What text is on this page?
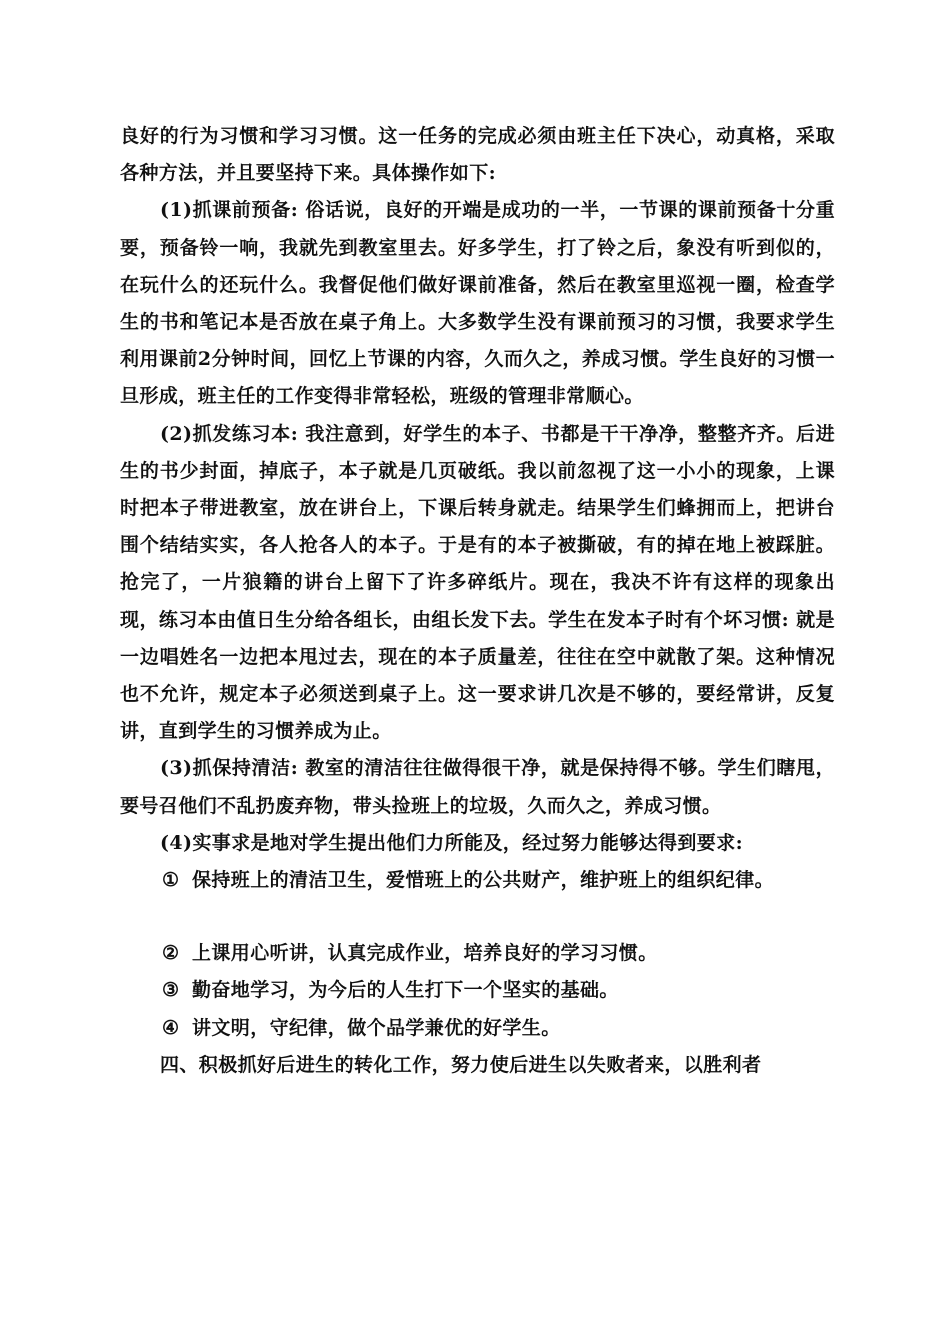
良好的行为习惯和学习习惯。这一任务的完成必须由班主任下决心，动真格，采取各种方法，并且要坚持下来。具体操作如下:

(1)抓课前预备: 俗话说，良好的开端是成功的一半，一节课的课前预备十分重要，预备铃一响，我就先到教室里去。好多学生，打了铃之后，象没有听到似的，在玩什么的还玩什么。我督促他们做好课前准备，然后在教室里巡视一圈，检查学生的书和笔记本是否放在桌子角上。大多数学生没有课前预习的习惯，我要求学生利用课前2分钟时间，回忆上节课的内容，久而久之，养成习惯。学生良好的习惯一旦形成，班主任的工作变得非常轻松，班级的管理非常顺心。

(2)抓发练习本: 我注意到，好学生的本子、书都是干干净净，整整齐齐。后进生的书少封面，掉底子，本子就是几页破纸。我以前忽视了这一小小的现象，上课时把本子带进教室，放在讲台上，下课后转身就走。结果学生们蜂拥而上，把讲台围个结结实实，各人抢各人的本子。于是有的本子被撕破，有的掉在地上被踩脏。抢完了，一片狼籍的讲台上留下了许多碎纸片。现在，我决不许有这样的现象出现，练习本由值日生分给各组长，由组长发下去。学生在发本子时有个坏习惯: 就是一边唱姓名一边把本甩过去，现在的本子质量差，往往在空中就散了架。这种情况也不允许，规定本子必须送到桌子上。这一要求讲几次是不够的，要经常讲，反复讲，直到学生的习惯养成为止。

(3)抓保持清洁: 教室的清洁往往做得很干净，就是保持得不够。学生们瞎甩，要号召他们不乱扔废弃物，带头捡班上的垃圾，久而久之，养成习惯。

(4)实事求是地对学生提出他们力所能及，经过努力能够达得到要求:

① 保持班上的清洁卫生，爱惜班上的公共财产，维护班上的组织纪律。
② 上课用心听讲，认真完成作业，培养良好的学习习惯。
③ 勤奋地学习，为今后的人生打下一个坚实的基础。
④ 讲文明，守纪律，做个品学兼优的好学生。

四、积极抓好后进生的转化工作，努力使后进生以失败者来，以胜利者
